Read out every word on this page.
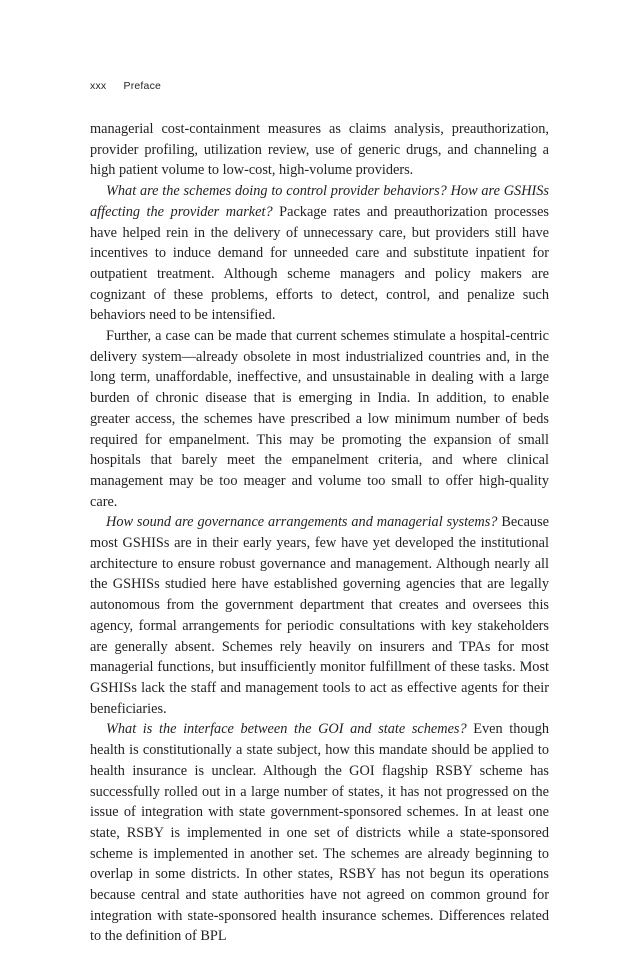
xxx Preface

managerial cost-containment measures as claims analysis, preauthorization, provider profiling, utilization review, use of generic drugs, and channeling a high patient volume to low-cost, high-volume providers.

What are the schemes doing to control provider behaviors? How are GSHISs affecting the provider market? Package rates and preauthorization processes have helped rein in the delivery of unnecessary care, but providers still have incentives to induce demand for unneeded care and substitute inpatient for outpatient treatment. Although scheme managers and policy makers are cognizant of these problems, efforts to detect, control, and penalize such behaviors need to be intensified.

Further, a case can be made that current schemes stimulate a hospital-centric delivery system—already obsolete in most industrialized countries and, in the long term, unaffordable, ineffective, and unsustainable in dealing with a large burden of chronic disease that is emerging in India. In addition, to enable greater access, the schemes have prescribed a low minimum number of beds required for empanelment. This may be promoting the expansion of small hospitals that barely meet the empanelment criteria, and where clinical management may be too meager and volume too small to offer high-quality care.

How sound are governance arrangements and managerial systems? Because most GSHISs are in their early years, few have yet developed the institutional architecture to ensure robust governance and management. Although nearly all the GSHISs studied here have established governing agencies that are legally autonomous from the government department that creates and oversees this agency, formal arrangements for periodic consultations with key stakeholders are generally absent. Schemes rely heavily on insurers and TPAs for most managerial functions, but insufficiently monitor fulfillment of these tasks. Most GSHISs lack the staff and management tools to act as effective agents for their beneficiaries.

What is the interface between the GOI and state schemes? Even though health is constitutionally a state subject, how this mandate should be applied to health insurance is unclear. Although the GOI flagship RSBY scheme has successfully rolled out in a large number of states, it has not progressed on the issue of integration with state government-sponsored schemes. In at least one state, RSBY is implemented in one set of districts while a state-sponsored scheme is implemented in another set. The schemes are already beginning to overlap in some districts. In other states, RSBY has not begun its operations because central and state authorities have not agreed on common ground for integration with state-sponsored health insurance schemes. Differences related to the definition of BPL
